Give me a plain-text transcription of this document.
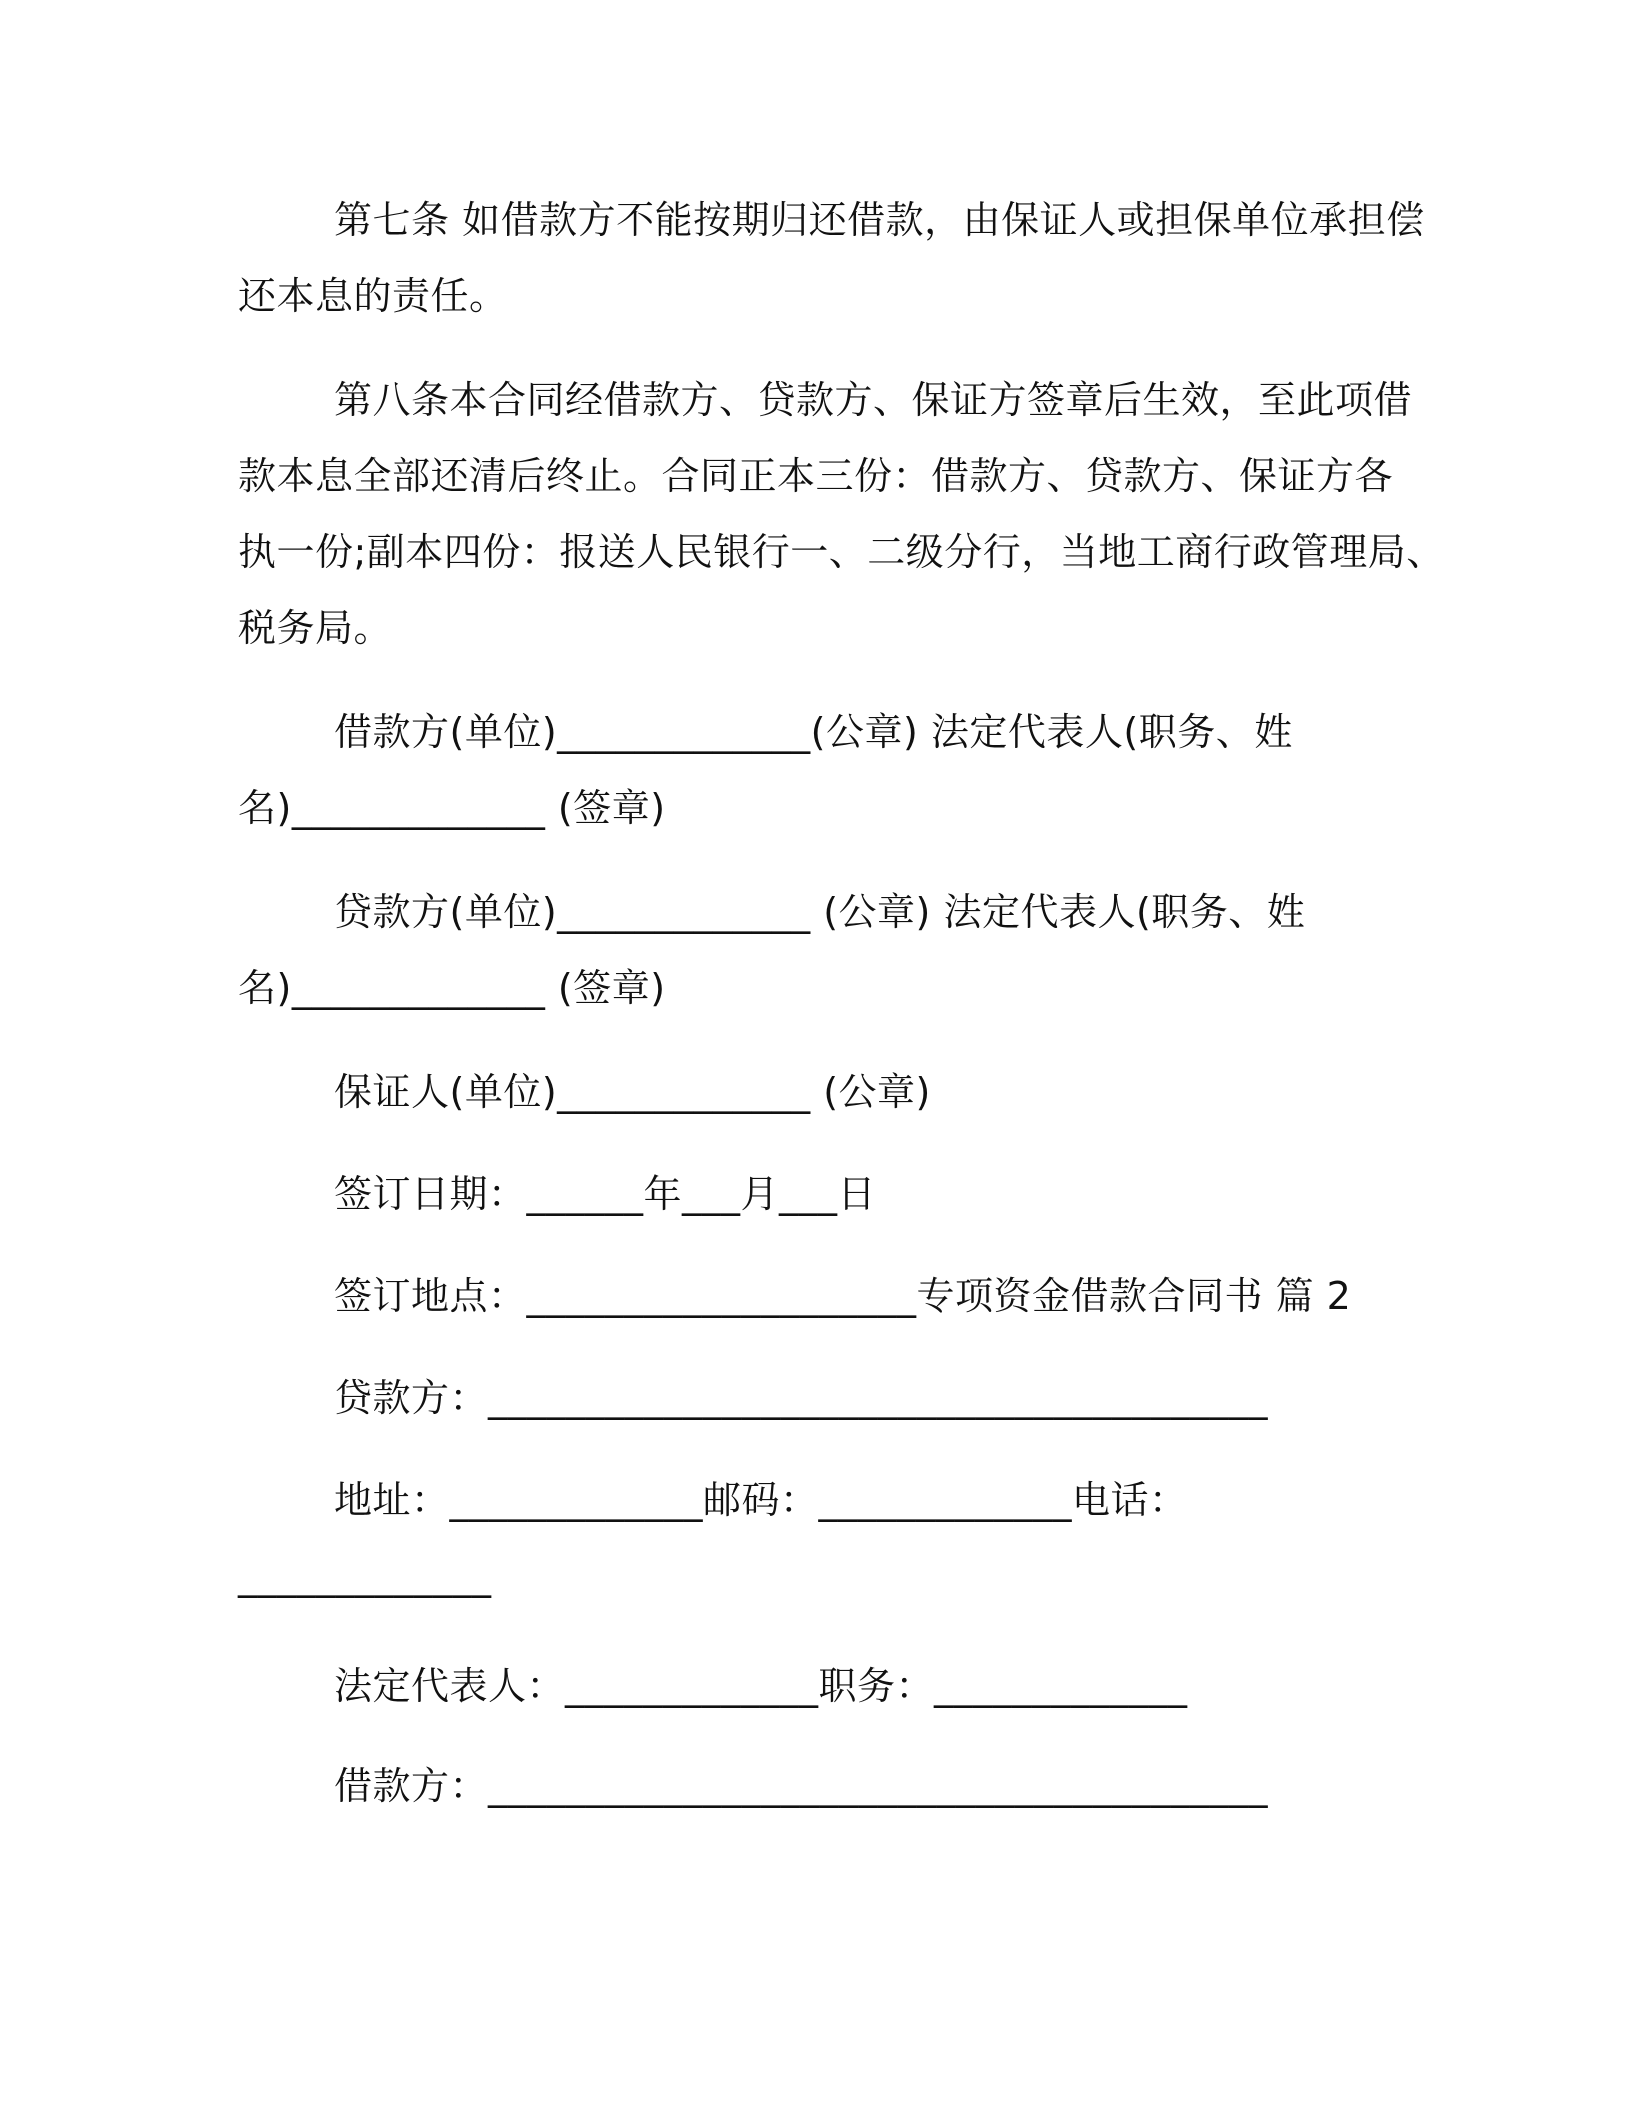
第七条 如借款方不能按期归还借款，由保证人或担保单位承担偿
还本息的责任。
第八条本合同经借款方、贷款方、保证方签章后生效，至此项借
款本息全部还清后终止。合同正本三份：借款方、贷款方、保证方各
执一份;副本四份：报送人民银行一、二级分行，当地工商行政管理局、
税务局。
借款方(单位)_____________(公章) 法定代表人(职务、姓
名)_____________ (签章)
贷款方(单位)_____________ (公章) 法定代表人(职务、姓
名)_____________ (签章)
保证人(单位)_____________ (公章)
签订日期：______年___月___日
签订地点：____________________专项资金借款合同书 篇 2
贷款方：________________________________________
地址：_____________邮码：_____________电话：
_____________
法定代表人：_____________职务：_____________
借款方：________________________________________
